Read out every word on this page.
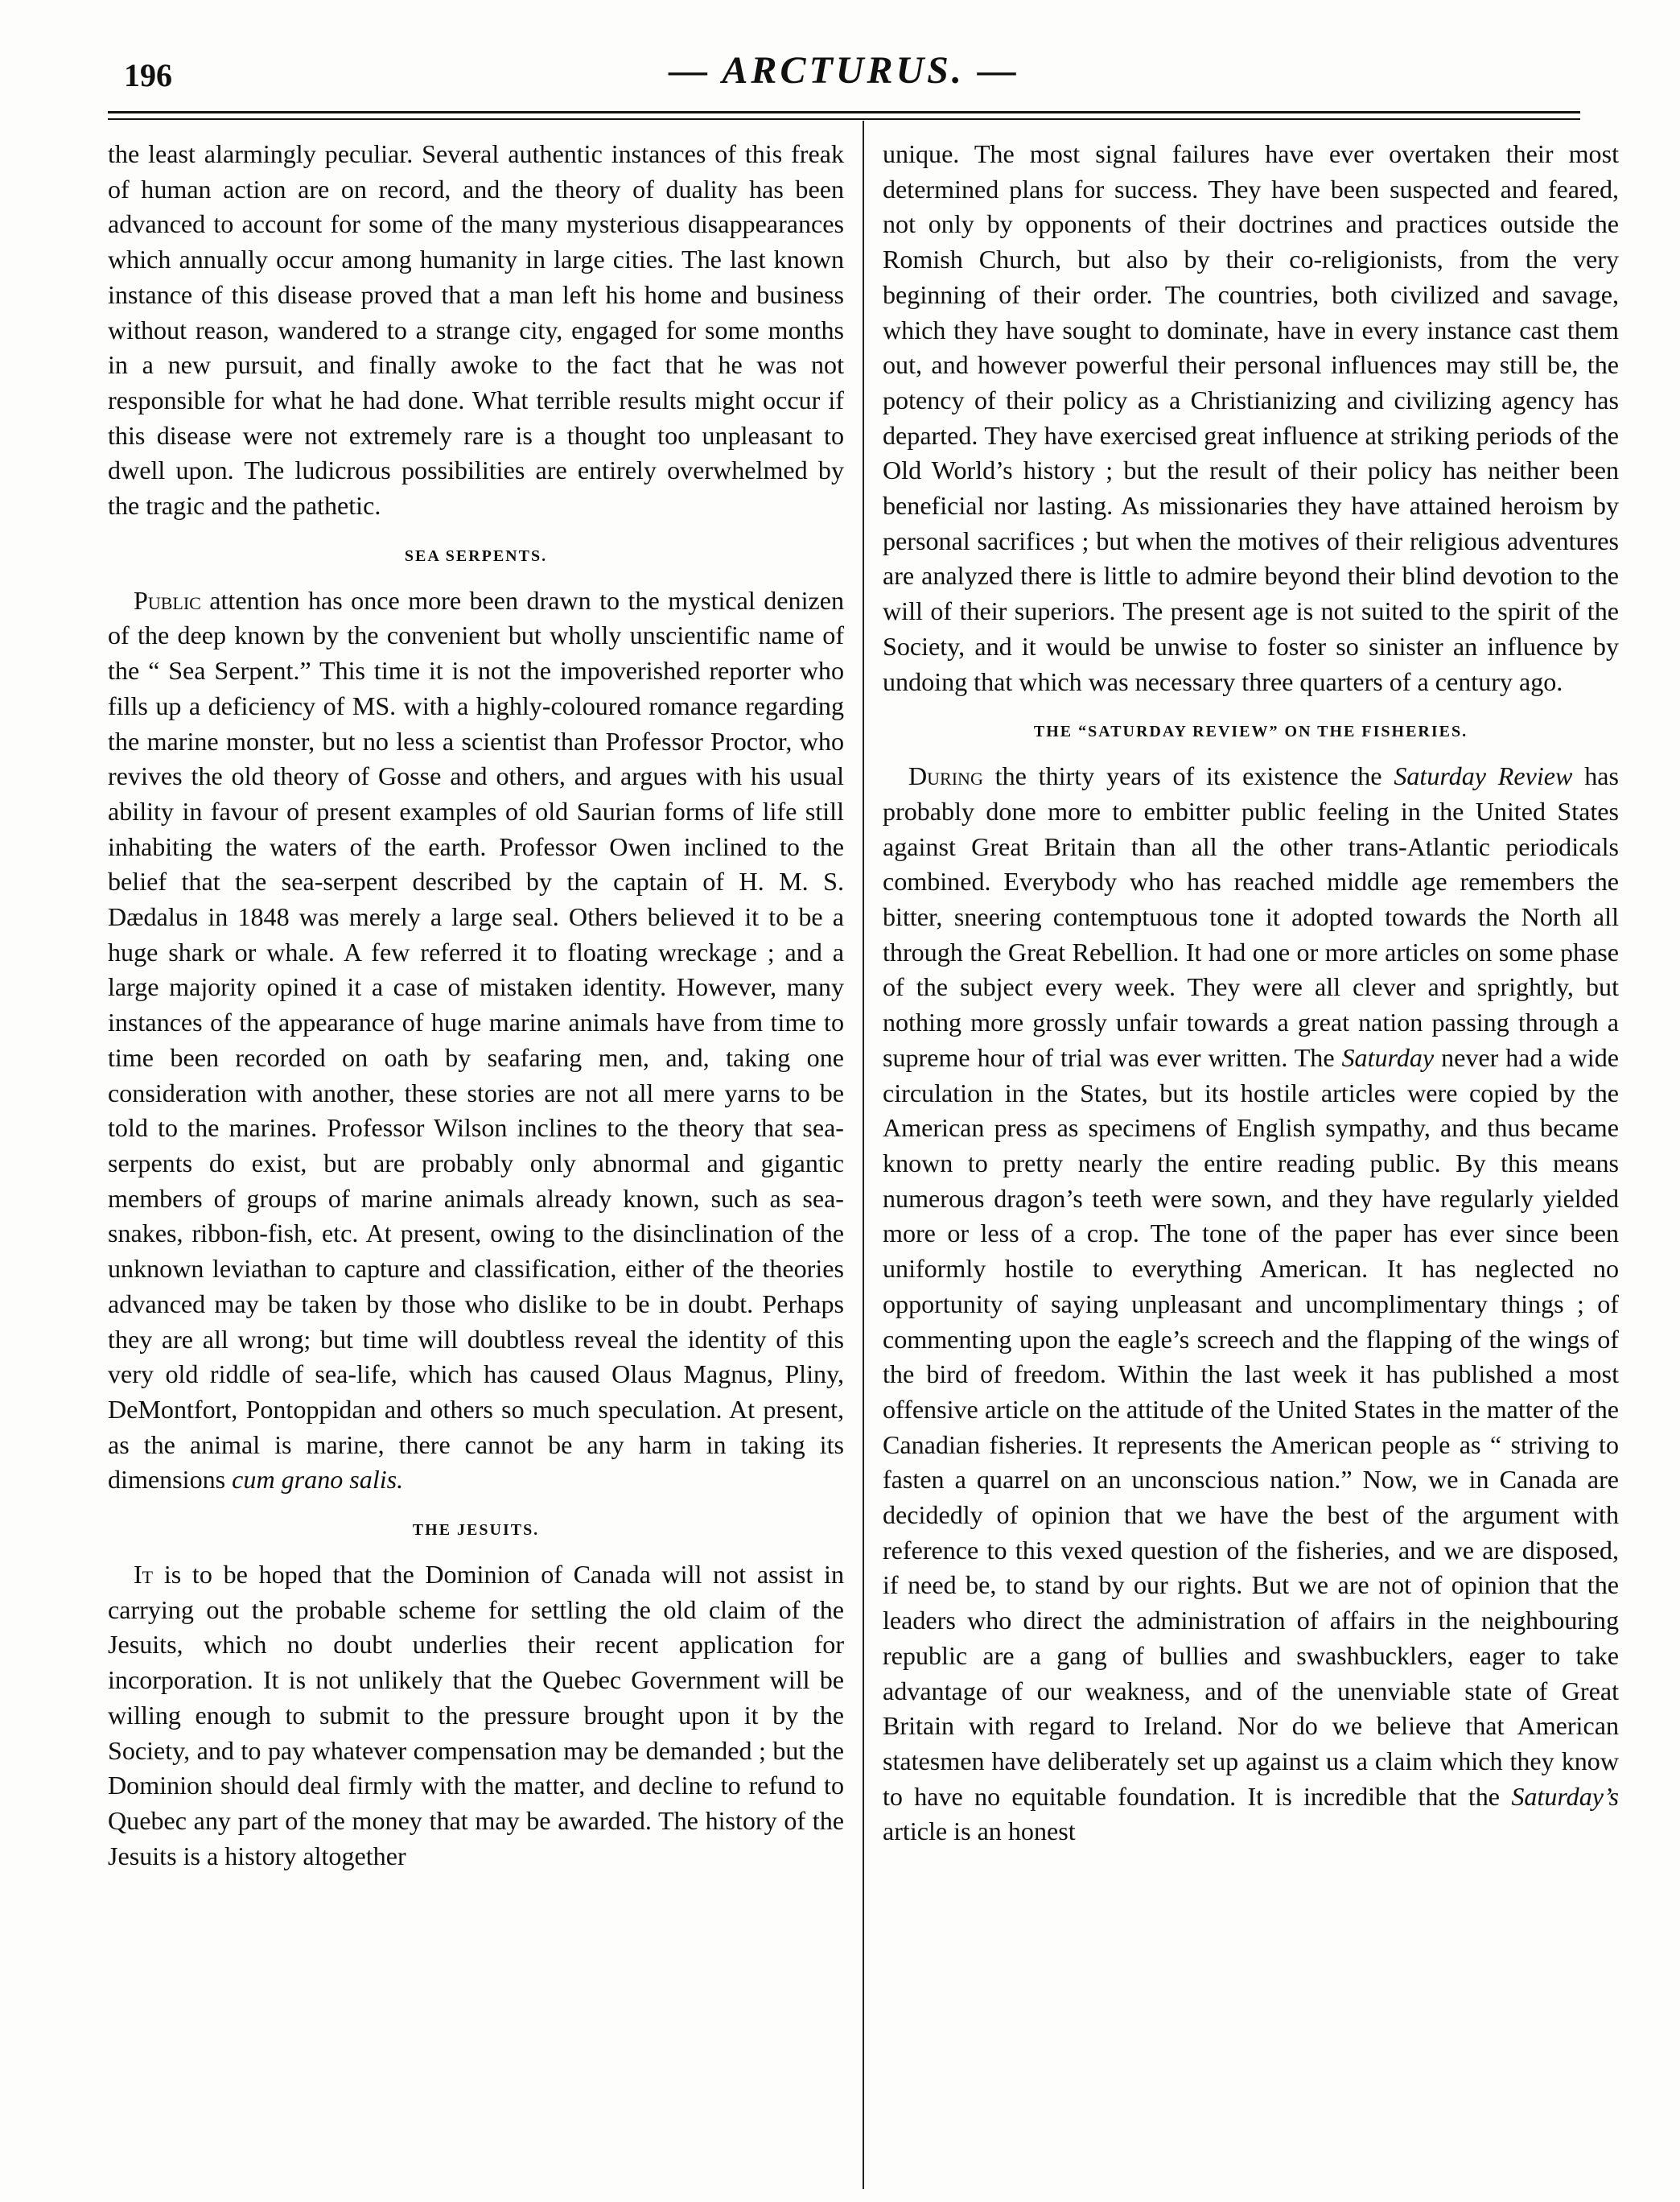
196	— ARCTURUS. —

the least alarmingly peculiar. Several authentic instances of this freak of human action are on record, and the theory of duality has been advanced to account for some of the many mysterious disappearances which annually occur among humanity in large cities. The last known instance of this disease proved that a man left his home and business without reason, wandered to a strange city, engaged for some months in a new pursuit, and finally awoke to the fact that he was not responsible for what he had done. What terrible results might occur if this disease were not extremely rare is a thought too unpleasant to dwell upon. The ludicrous possibilities are entirely overwhelmed by the tragic and the pathetic.

SEA SERPENTS.

Public attention has once more been drawn to the mystical denizen of the deep known by the convenient but wholly unscientific name of the “ Sea Serpent.” This time it is not the impoverished reporter who fills up a deficiency of MS. with a highly-coloured romance regarding the marine monster, but no less a scientist than Professor Proctor, who revives the old theory of Gosse and others, and argues with his usual ability in favour of present examples of old Saurian forms of life still inhabiting the waters of the earth. Professor Owen inclined to the belief that the sea-serpent described by the captain of H. M. S. Dædalus in 1848 was merely a large seal. Others believed it to be a huge shark or whale. A few referred it to floating wreckage ; and a large majority opined it a case of mistaken identity. However, many instances of the appearance of huge marine animals have from time to time been recorded on oath by seafaring men, and, taking one consideration with another, these stories are not all mere yarns to be told to the marines. Professor Wilson inclines to the theory that sea-serpents do exist, but are probably only abnormal and gigantic members of groups of marine animals already known, such as sea-snakes, ribbon-fish, etc. At present, owing to the disinclination of the unknown leviathan to capture and classification, either of the theories advanced may be taken by those who dislike to be in doubt. Perhaps they are all wrong; but time will doubtless reveal the identity of this very old riddle of sea-life, which has caused Olaus Magnus, Pliny, DeMontfort, Pontoppidan and others so much speculation. At present, as the animal is marine, there cannot be any harm in taking its dimensions cum grano salis.

THE JESUITS.

It is to be hoped that the Dominion of Canada will not assist in carrying out the probable scheme for settling the old claim of the Jesuits, which no doubt underlies their recent application for incorporation. It is not unlikely that the Quebec Government will be willing enough to submit to the pressure brought upon it by the Society, and to pay whatever compensation may be demanded ; but the Dominion should deal firmly with the matter, and decline to refund to Quebec any part of the money that may be awarded. The history of the Jesuits is a history altogether

unique. The most signal failures have ever overtaken their most determined plans for success. They have been suspected and feared, not only by opponents of their doctrines and practices outside the Romish Church, but also by their co-religionists, from the very beginning of their order. The countries, both civilized and savage, which they have sought to dominate, have in every instance cast them out, and however powerful their personal influences may still be, the potency of their policy as a Christianizing and civilizing agency has departed. They have exercised great influence at striking periods of the Old World’s history ; but the result of their policy has neither been beneficial nor lasting. As missionaries they have attained heroism by personal sacrifices ; but when the motives of their religious adventures are analyzed there is little to admire beyond their blind devotion to the will of their superiors. The present age is not suited to the spirit of the Society, and it would be unwise to foster so sinister an influence by undoing that which was necessary three quarters of a century ago.

THE “SATURDAY REVIEW” ON THE FISHERIES.

During the thirty years of its existence the Saturday Review has probably done more to embitter public feeling in the United States against Great Britain than all the other trans-Atlantic periodicals combined. Everybody who has reached middle age remembers the bitter, sneering contemptuous tone it adopted towards the North all through the Great Rebellion. It had one or more articles on some phase of the subject every week. They were all clever and sprightly, but nothing more grossly unfair towards a great nation passing through a supreme hour of trial was ever written. The Saturday never had a wide circulation in the States, but its hostile articles were copied by the American press as specimens of English sympathy, and thus became known to pretty nearly the entire reading public. By this means numerous dragon’s teeth were sown, and they have regularly yielded more or less of a crop. The tone of the paper has ever since been uniformly hostile to everything American. It has neglected no opportunity of saying unpleasant and uncomplimentary things ; of commenting upon the eagle’s screech and the flapping of the wings of the bird of freedom. Within the last week it has published a most offensive article on the attitude of the United States in the matter of the Canadian fisheries. It represents the American people as “ striving to fasten a quarrel on an unconscious nation.” Now, we in Canada are decidedly of opinion that we have the best of the argument with reference to this vexed question of the fisheries, and we are disposed, if need be, to stand by our rights. But we are not of opinion that the leaders who direct the administration of affairs in the neighbouring republic are a gang of bullies and swashbucklers, eager to take advantage of our weakness, and of the unenviable state of Great Britain with regard to Ireland. Nor do we believe that American statesmen have deliberately set up against us a claim which they know to have no equitable foundation. It is incredible that the Saturday’s article is an honest
